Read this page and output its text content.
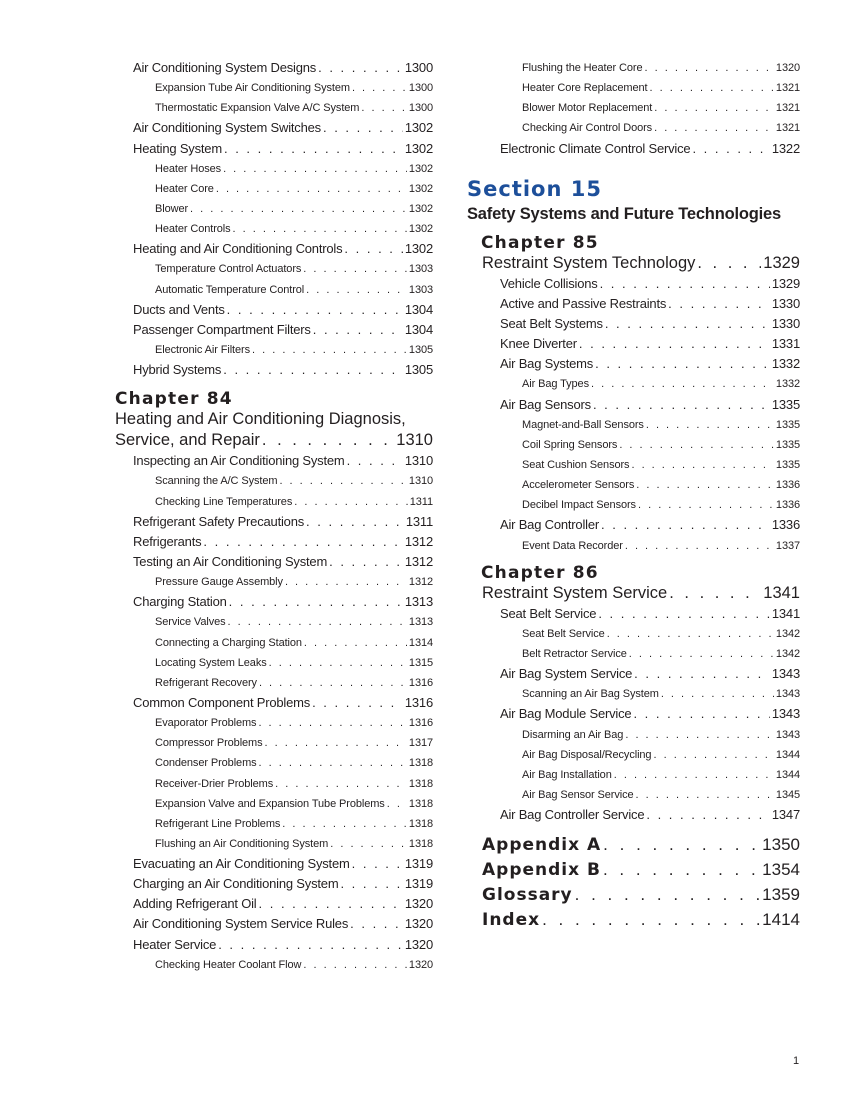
Air Conditioning System Designs . . .	1300
Expansion Tube Air Conditioning System . . .	1300
Thermostatic Expansion Valve A/C System . . .	1300
Air Conditioning System Switches . . .	1302
Heating System . . .	1302
Heater Hoses . . .	1302
Heater Core . . .	1302
Blower . . .	1302
Heater Controls . . .	1302
Heating and Air Conditioning Controls . . .	1302
Temperature Control Actuators . . .	1303
Automatic Temperature Control . . .	1303
Ducts and Vents . . .	1304
Passenger Compartment Filters . . .	1304
Electronic Air Filters . . .	1305
Hybrid Systems . . .	1305
Chapter 84
Heating and Air Conditioning Diagnosis,
Service, and Repair . . .	1310
Inspecting an Air Conditioning System . . .	1310
Scanning the A/C System . . .	1310
Checking Line Temperatures . . .	1311
Refrigerant Safety Precautions . . .	1311
Refrigerants . . .	1312
Testing an Air Conditioning System . . .	1312
Pressure Gauge Assembly . . .	1312
Charging Station . . .	1313
Service Valves . . .	1313
Connecting a Charging Station . . .	1314
Locating System Leaks . . .	1315
Refrigerant Recovery . . .	1316
Common Component Problems . . .	1316
Evaporator Problems . . .	1316
Compressor Problems . . .	1317
Condenser Problems . . .	1318
Receiver-Drier Problems . . .	1318
Expansion Valve and Expansion Tube Problems . . . 1318
Refrigerant Line Problems . . .	1318
Flushing an Air Conditioning System . . .	1318
Evacuating an Air Conditioning System . . .	1319
Charging an Air Conditioning System . . .	1319
Adding Refrigerant Oil . . .	1320
Air Conditioning System Service Rules . . .	1320
Heater Service . . .	1320
Checking Heater Coolant Flow . . .	1320
Flushing the Heater Core . . .	1320
Heater Core Replacement . . .	1321
Blower Motor Replacement . . .	1321
Checking Air Control Doors . . .	1321
Electronic Climate Control Service . . .	1322
Section 15
Safety Systems and Future Technologies
Chapter 85
Restraint System Technology . . .	1329
Vehicle Collisions . . .	1329
Active and Passive Restraints . . .	1330
Seat Belt Systems . . .	1330
Knee Diverter . . .	1331
Air Bag Systems . . .	1332
Air Bag Types . . .	1332
Air Bag Sensors . . .	1335
Magnet-and-Ball Sensors . . .	1335
Coil Spring Sensors . . .	1335
Seat Cushion Sensors . . .	1335
Accelerometer Sensors . . .	1336
Decibel Impact Sensors . . .	1336
Air Bag Controller . . .	1336
Event Data Recorder . . .	1337
Chapter 86
Restraint System Service . . .	1341
Seat Belt Service . . .	1341
Seat Belt Service . . .	1342
Belt Retractor Service . . .	1342
Air Bag System Service . . .	1343
Scanning an Air Bag System . . .	1343
Air Bag Module Service . . .	1343
Disarming an Air Bag . . .	1343
Air Bag Disposal/Recycling . . .	1344
Air Bag Installation . . .	1344
Air Bag Sensor Service . . .	1345
Air Bag Controller Service . . .	1347
Appendix A . . .	1350
Appendix B . . .	1354
Glossary . . .	1359
Index . . .	1414
1
